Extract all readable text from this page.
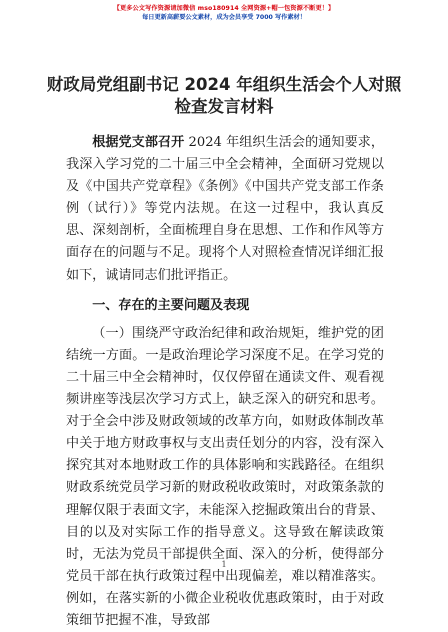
【更多公文写作资源请加微信 mso180914 全网资源+帽一包资源不断更！】
每日更新高薪要公文素材，成为会员享受 7000 写作素材！
财政局党组副书记 2024 年组织生活会个人对照检查发言材料

根据党支部召开 2024 年组织生活会的通知要求，我深入学习党的二十届三中全会精神，全面研习党规以及《中国共产党章程》《条例》《中国共产党支部工作条例（试行）》等党内法规。在这一过程中，我认真反思、深刻剖析，全面梳理自身在思想、工作和作风等方面存在的问题与不足。现将个人对照检查情况详细汇报如下，诚请同志们批评指正。

一、存在的主要问题及表现

（一）围绕严守政治纪律和政治规矩，维护党的团结统一方面。一是政治理论学习深度不足。在学习党的二十届三中全会精神时，仅仅停留在通读文件、观看视频讲座等浅层次学习方式上，缺乏深入的研究和思考。对于全会中涉及财政领域的改革方向，如财政体制改革中关于地方财政事权与支出责任划分的内容，没有深入探究其对本地财政工作的具体影响和实践路径。在组织财政系统党员学习新的财政税收政策时，对政策条款的理解仅限于表面文字，未能深入挖掘政策出台的背景、目的以及对实际工作的指导意义。这导致在解读政策时，无法为党员干部提供全面、深入的分析，使得部分党员干部在执行政策过程中出现偏差，难以精准落实。例如，在落实新的小微企业税收优惠政策时，由于对政策细节把握不准，导致部

1
